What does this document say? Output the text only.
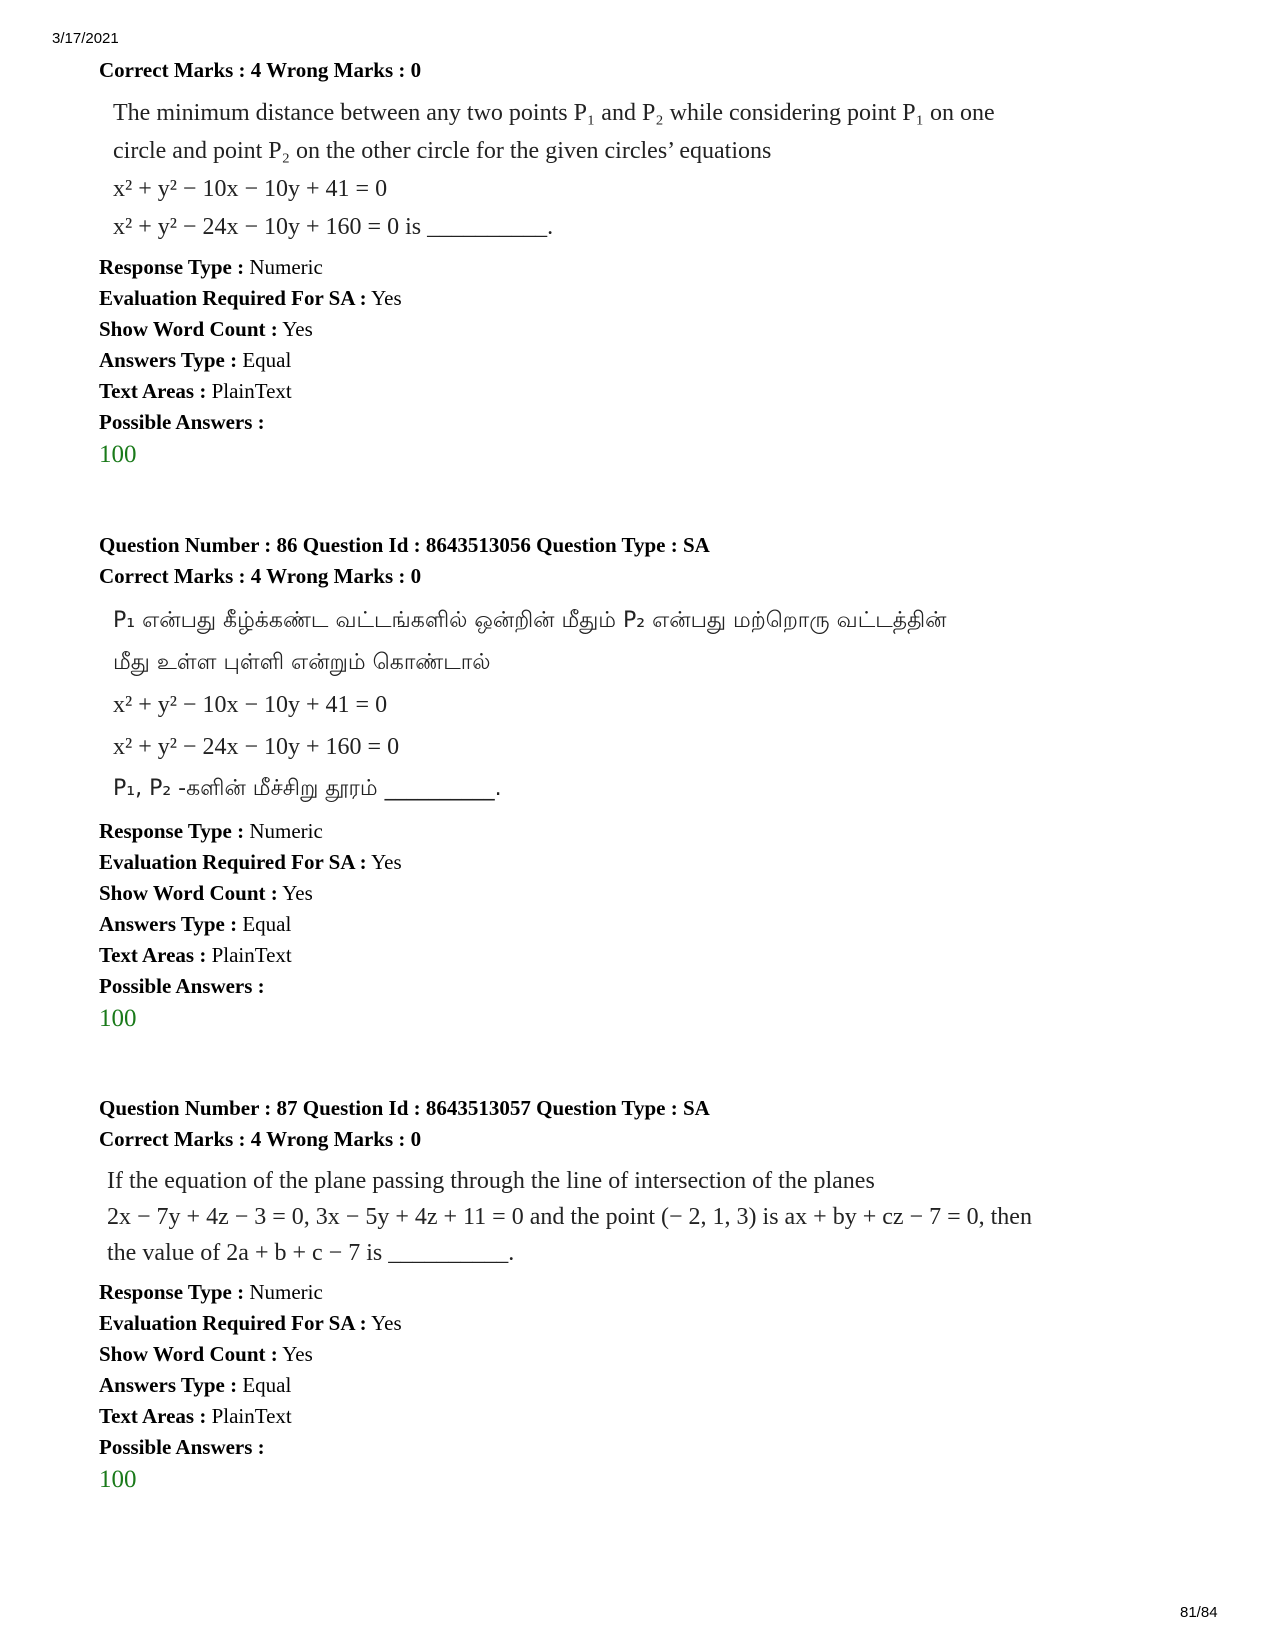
3/17/2021
Correct Marks : 4 Wrong Marks : 0
The minimum distance between any two points P₁ and P₂ while considering point P₁ on one
circle and point P₂ on the other circle for the given circles’ equations
x² + y² − 10x − 10y + 41 = 0
x² + y² − 24x − 10y + 160 = 0 is __________.
Response Type : Numeric
Evaluation Required For SA : Yes
Show Word Count : Yes
Answers Type : Equal
Text Areas : PlainText
Possible Answers :
100
Question Number : 86 Question Id : 8643513056 Question Type : SA
Correct Marks : 4 Wrong Marks : 0
P₁ என்பது கீழ்க்கண்ட வட்டங்களில் ஒன்றின் மீதும் P₂ என்பது மற்றொரு வட்டத்தின்
மீது உள்ள புள்ளி என்றும் கொண்டால்
x² + y² − 10x − 10y + 41 = 0
x² + y² − 24x − 10y + 160 = 0
P₁, P₂ -களின் மீச்சிறு தூரம் __________.
Response Type : Numeric
Evaluation Required For SA : Yes
Show Word Count : Yes
Answers Type : Equal
Text Areas : PlainText
Possible Answers :
100
Question Number : 87 Question Id : 8643513057 Question Type : SA
Correct Marks : 4 Wrong Marks : 0
If the equation of the plane passing through the line of intersection of the planes
2x − 7y + 4z − 3 = 0, 3x − 5y + 4z + 11 = 0 and the point (− 2, 1, 3) is ax + by + cz − 7 = 0, then
the value of 2a + b + c − 7 is __________.
Response Type : Numeric
Evaluation Required For SA : Yes
Show Word Count : Yes
Answers Type : Equal
Text Areas : PlainText
Possible Answers :
100
81/84
